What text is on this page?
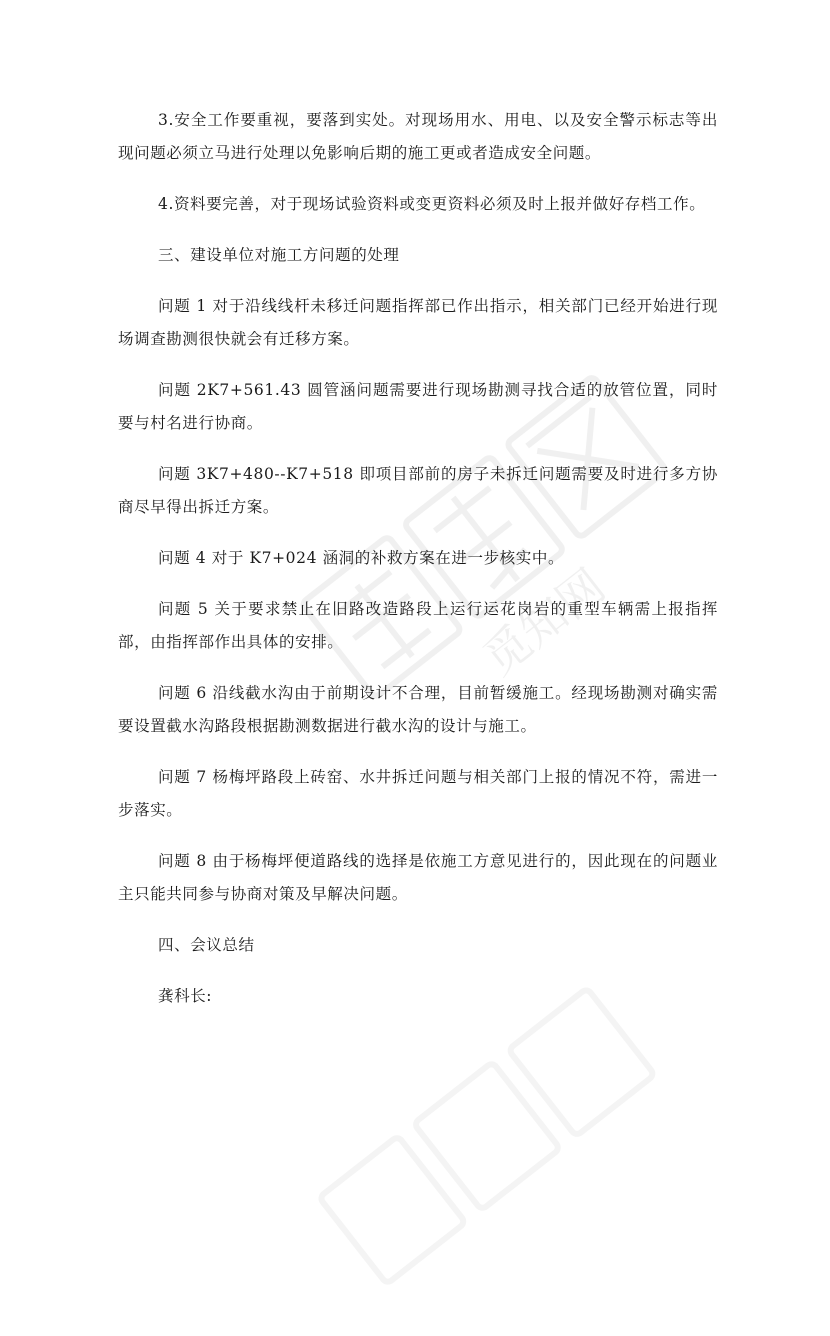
觅知网

3.安全工作要重视，要落到实处。对现场用水、用电、以及安全警示标志等出现问题必须立马进行处理以免影响后期的施工更或者造成安全问题。

4.资料要完善，对于现场试验资料或变更资料必须及时上报并做好存档工作。

三、建设单位对施工方问题的处理

问题 1 对于沿线线杆未移迁问题指挥部已作出指示，相关部门已经开始进行现场调查勘测很快就会有迁移方案。

问题 2K7+561.43 圆管涵问题需要进行现场勘测寻找合适的放管位置，同时要与村名进行协商。

问题 3K7+480--K7+518 即项目部前的房子未拆迁问题需要及时进行多方协商尽早得出拆迁方案。

问题 4 对于 K7+024 涵洞的补救方案在进一步核实中。

问题 5 关于要求禁止在旧路改造路段上运行运花岗岩的重型车辆需上报指挥部，由指挥部作出具体的安排。

问题 6 沿线截水沟由于前期设计不合理，目前暂缓施工。经现场勘测对确实需要设置截水沟路段根据勘测数据进行截水沟的设计与施工。

问题 7 杨梅坪路段上砖窑、水井拆迁问题与相关部门上报的情况不符，需进一步落实。

问题 8 由于杨梅坪便道路线的选择是依施工方意见进行的，因此现在的问题业主只能共同参与协商对策及早解决问题。

四、会议总结

龚科长:
